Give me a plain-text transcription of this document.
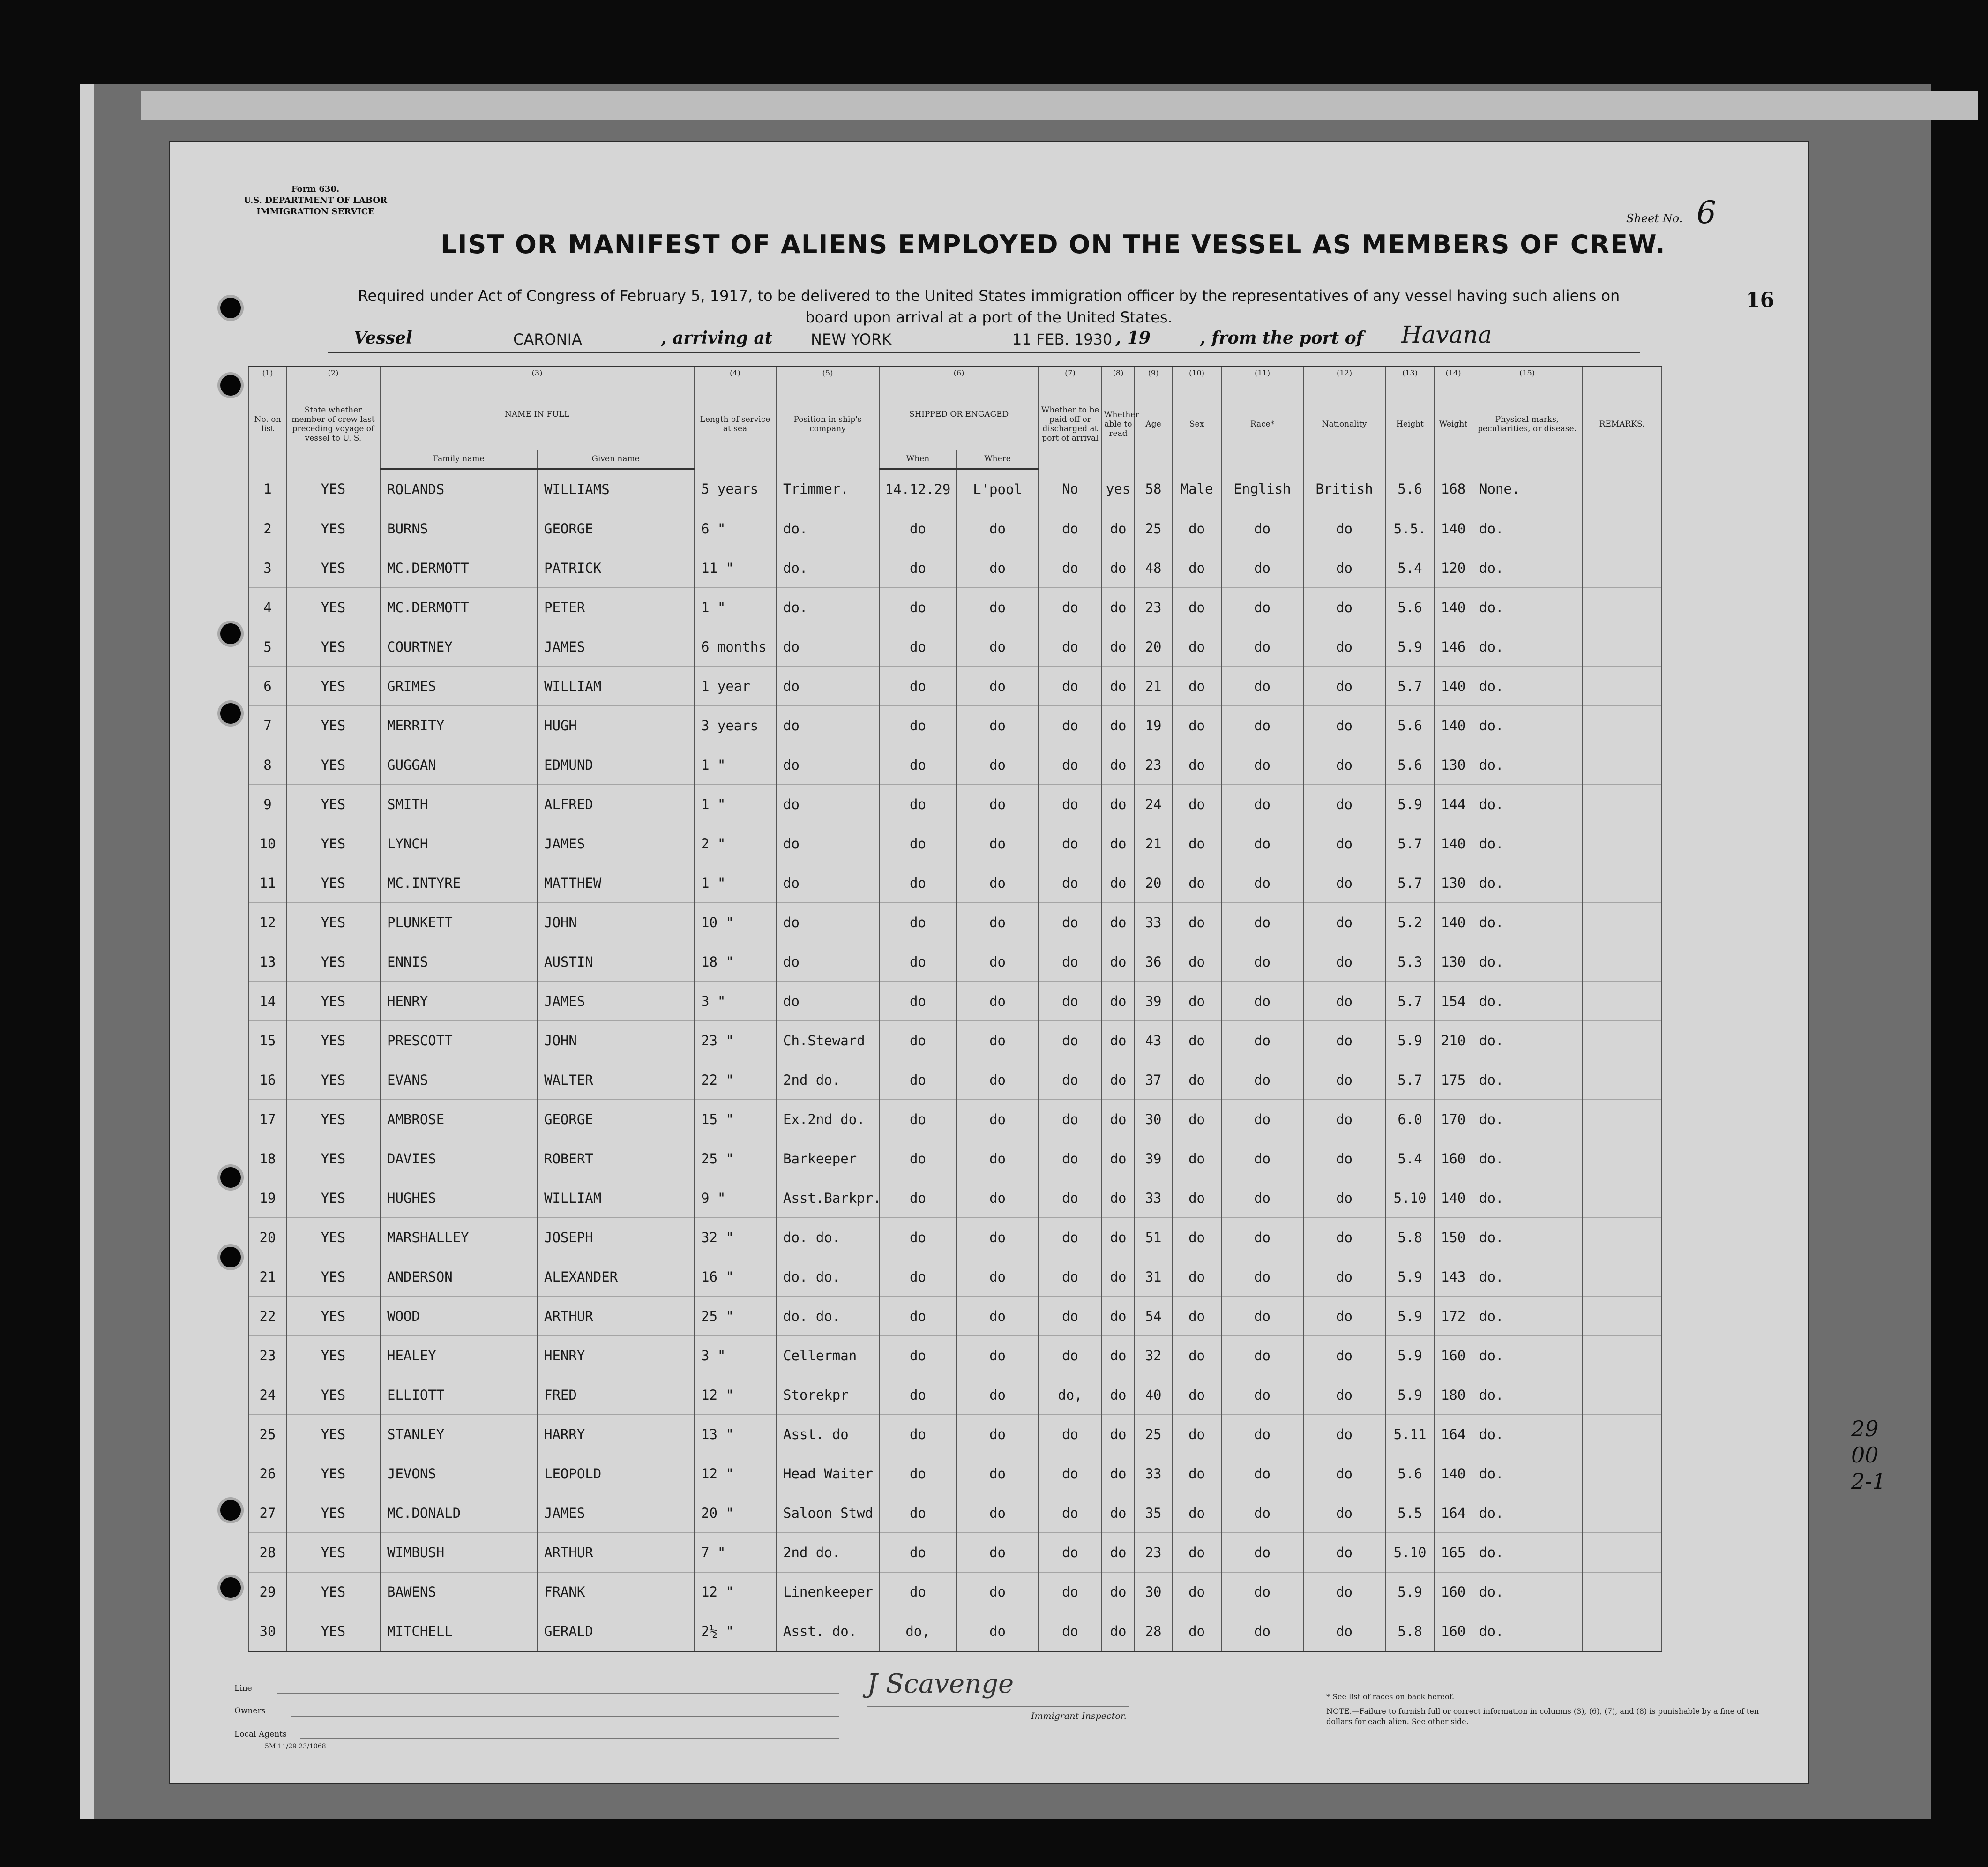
Form 630.
U.S. DEPARTMENT OF LABOR
IMMIGRATION SERVICE
Sheet No. 6
LIST OR MANIFEST OF ALIENS EMPLOYED ON THE VESSEL AS MEMBERS OF CREW.
Required under Act of Congress of February 5, 1917, to be delivered to the United States immigration officer by the representatives of any vessel having such aliens on board upon arrival at a port of the United States.
16
Vessel	CARONIA	, arriving at	NEW YORK	11 FEB. 1930 , 19	, from the port of Havana
(1)	(2)	(3)		(4)	(5)	(6)		(7)	(8)	(9)	(10)	(11)	(12)	(13)	(14)	(15)	
No. on list	State whether member of crew last preceding voyage of vessel to U. S.	NAME IN FULL		Length of service at sea	Position in ship's company	SHIPPED OR ENGAGED		Whether to be paid off or discharged at port of arrival	Whether able to read	Age	Sex	Race*	Nationality	Height	Weight	Physical marks, peculiarities, or disease.	REMARKS.
		Family name	Given name			When	Where										
1	YES	ROLANDS	WILLIAMS	5 years	Trimmer.	14.12.29	L'pool	No	yes	58	Male	English	British	5.6	168	None.	
2	YES	BURNS	GEORGE	6 "	do.	do	do	do	do	25	do	do	do	5.5.	140	do.	
3	YES	MC.DERMOTT	PATRICK	11 "	do.	do	do	do	do	48	do	do	do	5.4	120	do.	
4	YES	MC.DERMOTT	PETER	1 "	do.	do	do	do	do	23	do	do	do	5.6	140	do.	
5	YES	COURTNEY	JAMES	6 months	do	do	do	do	do	20	do	do	do	5.9	146	do.	
6	YES	GRIMES	WILLIAM	1 year	do	do	do	do	do	21	do	do	do	5.7	140	do.	
7	YES	MERRITY	HUGH	3 years	do	do	do	do	do	19	do	do	do	5.6	140	do.	
8	YES	GUGGAN	EDMUND	1 "	do	do	do	do	do	23	do	do	do	5.6	130	do.	
9	YES	SMITH	ALFRED	1 "	do	do	do	do	do	24	do	do	do	5.9	144	do.	
10	YES	LYNCH	JAMES	2 "	do	do	do	do	do	21	do	do	do	5.7	140	do.	
11	YES	MC.INTYRE	MATTHEW	1 "	do	do	do	do	do	20	do	do	do	5.7	130	do.	
12	YES	PLUNKETT	JOHN	10 "	do	do	do	do	do	33	do	do	do	5.2	140	do.	
13	YES	ENNIS	AUSTIN	18 "	do	do	do	do	do	36	do	do	do	5.3	130	do.	
14	YES	HENRY	JAMES	3 "	do	do	do	do	do	39	do	do	do	5.7	154	do.	
15	YES	PRESCOTT	JOHN	23 "	Ch.Steward	do	do	do	do	43	do	do	do	5.9	210	do.	
16	YES	EVANS	WALTER	22 "	2nd do.	do	do	do	do	37	do	do	do	5.7	175	do.	
17	YES	AMBROSE	GEORGE	15 "	Ex.2nd do.	do	do	do	do	30	do	do	do	6.0	170	do.	
18	YES	DAVIES	ROBERT	25 "	Barkeeper	do	do	do	do	39	do	do	do	5.4	160	do.	
19	YES	HUGHES	WILLIAM	9 "	Asst.Barkpr.	do	do	do	do	33	do	do	do	5.10	140	do.	
20	YES	MARSHALLEY	JOSEPH	32 "	do. do.	do	do	do	do	51	do	do	do	5.8	150	do.	
21	YES	ANDERSON	ALEXANDER	16 "	do. do.	do	do	do	do	31	do	do	do	5.9	143	do.	
22	YES	WOOD	ARTHUR	25 "	do. do.	do	do	do	do	54	do	do	do	5.9	172	do.	
23	YES	HEALEY	HENRY	3 "	Cellerman	do	do	do	do	32	do	do	do	5.9	160	do.	
24	YES	ELLIOTT	FRED	12 "	Storekpr	do	do	do,	do	40	do	do	do	5.9	180	do.	
25	YES	STANLEY	HARRY	13 "	Asst. do	do	do	do	do	25	do	do	do	5.11	164	do.	
26	YES	JEVONS	LEOPOLD	12 "	Head Waiter	do	do	do	do	33	do	do	do	5.6	140	do.	
27	YES	MC.DONALD	JAMES	20 "	Saloon Stwd	do	do	do	do	35	do	do	do	5.5	164	do.	
28	YES	WIMBUSH	ARTHUR	7 "	2nd do.	do	do	do	do	23	do	do	do	5.10	165	do.	
29	YES	BAWENS	FRANK	12 "	Linenkeeper	do	do	do	do	30	do	do	do	5.9	160	do.	
30	YES	MITCHELL	GERALD	2½ "	Asst. do.	do,	do	do	do	28	do	do	do	5.8	160	do.	
Line
Owners
Local Agents
5M 11/29 23/1068
J Scavenge
Immigrant Inspector.
* See list of races on back hereof.
NOTE.—Failure to furnish full or correct information in columns (3), (6), (7), and (8) is punishable by a fine of ten dollars for each alien. See other side.
29
00
2-1
